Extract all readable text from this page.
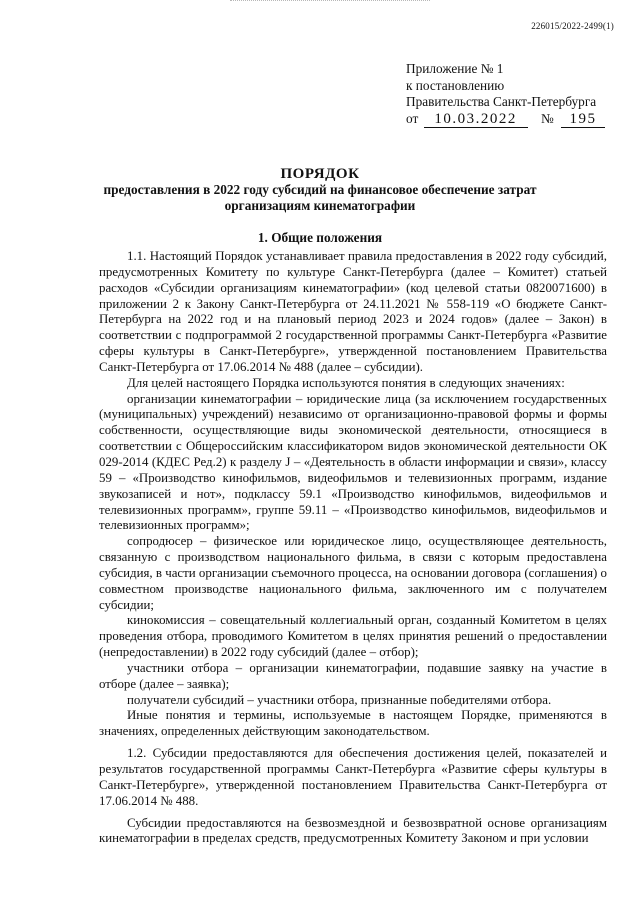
226015/2022-2499(1)
Приложение № 1
к постановлению
Правительства Санкт-Петербурга
от 10.03.2022 № 195
ПОРЯДОК
предоставления в 2022 году субсидий на финансовое обеспечение затрат организациям кинематографии
1. Общие положения

1.1. Настоящий Порядок устанавливает правила предоставления в 2022 году субсидий, предусмотренных Комитету по культуре Санкт-Петербурга (далее – Комитет) статьей расходов «Субсидии организациям кинематографии» (код целевой статьи 0820071600) в приложении 2 к Закону Санкт-Петербурга от 24.11.2021 № 558-119 «О бюджете Санкт-Петербурга на 2022 год и на плановый период 2023 и 2024 годов» (далее – Закон) в соответствии с подпрограммой 2 государственной программы Санкт-Петербурга «Развитие сферы культуры в Санкт-Петербурге», утвержденной постановлением Правительства Санкт-Петербурга от 17.06.2014 № 488 (далее – субсидии).

Для целей настоящего Порядка используются понятия в следующих значениях:

организации кинематографии – юридические лица (за исключением государственных (муниципальных) учреждений) независимо от организационно-правовой формы и формы собственности, осуществляющие виды экономической деятельности, относящиеся в соответствии с Общероссийским классификатором видов экономической деятельности ОК 029-2014 (КДЕС Ред.2) к разделу J – «Деятельность в области информации и связи», классу 59 – «Производство кинофильмов, видеофильмов и телевизионных программ, издание звукозаписей и нот», подклассу 59.1 «Производство кинофильмов, видеофильмов и телевизионных программ», группе 59.11 – «Производство кинофильмов, видеофильмов и телевизионных программ»;

сопродюсер – физическое или юридическое лицо, осуществляющее деятельность, связанную с производством национального фильма, в связи с которым предоставлена субсидия, в части организации съемочного процесса, на основании договора (соглашения) о совместном производстве национального фильма, заключенного им с получателем субсидии;

кинокомиссия – совещательный коллегиальный орган, созданный Комитетом в целях проведения отбора, проводимого Комитетом в целях принятия решений о предоставлении (непредоставлении) в 2022 году субсидий (далее – отбор);

участники отбора – организации кинематографии, подавшие заявку на участие в отборе (далее – заявка);

получатели субсидий – участники отбора, признанные победителями отбора.

Иные понятия и термины, используемые в настоящем Порядке, применяются в значениях, определенных действующим законодательством.

1.2. Субсидии предоставляются для обеспечения достижения целей, показателей и результатов государственной программы Санкт-Петербурга «Развитие сферы культуры в Санкт-Петербурге», утвержденной постановлением Правительства Санкт-Петербурга от 17.06.2014 № 488.

Субсидии предоставляются на безвозмездной и безвозвратной основе организациям кинематографии в пределах средств, предусмотренных Комитету Законом и при условии
